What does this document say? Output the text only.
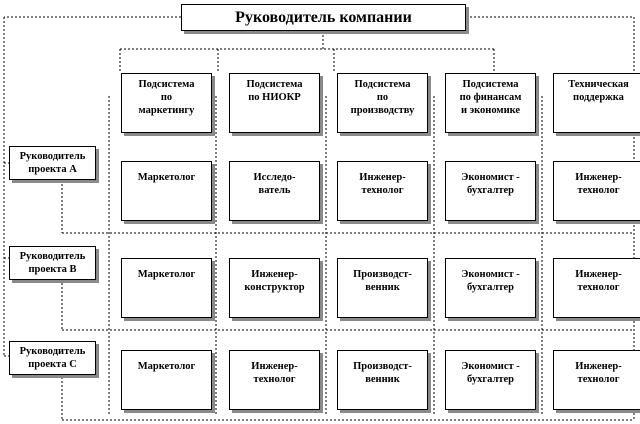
Руководитель компании
Подсистема
по
маркетингу
Подсистема
по НИОКР
Подсистема
по
производству
Подсистема
по финансам
и экономике
Техническая
поддержка
Руководитель
проекта А
Руководитель
проекта В
Руководитель
проекта С
Маркетолог	Исследо-
ватель
Инженер-
технолог
Экономист -
бухгалтер
Инженер-
технолог
Маркетолог	Инженер-
конструктор
Производст-
венник
Экономист -
бухгалтер
Инженер-
технолог
Маркетолог	Инженер-
технолог
Производст-
венник
Экономист -
бухгалтер
Инженер-
технолог
